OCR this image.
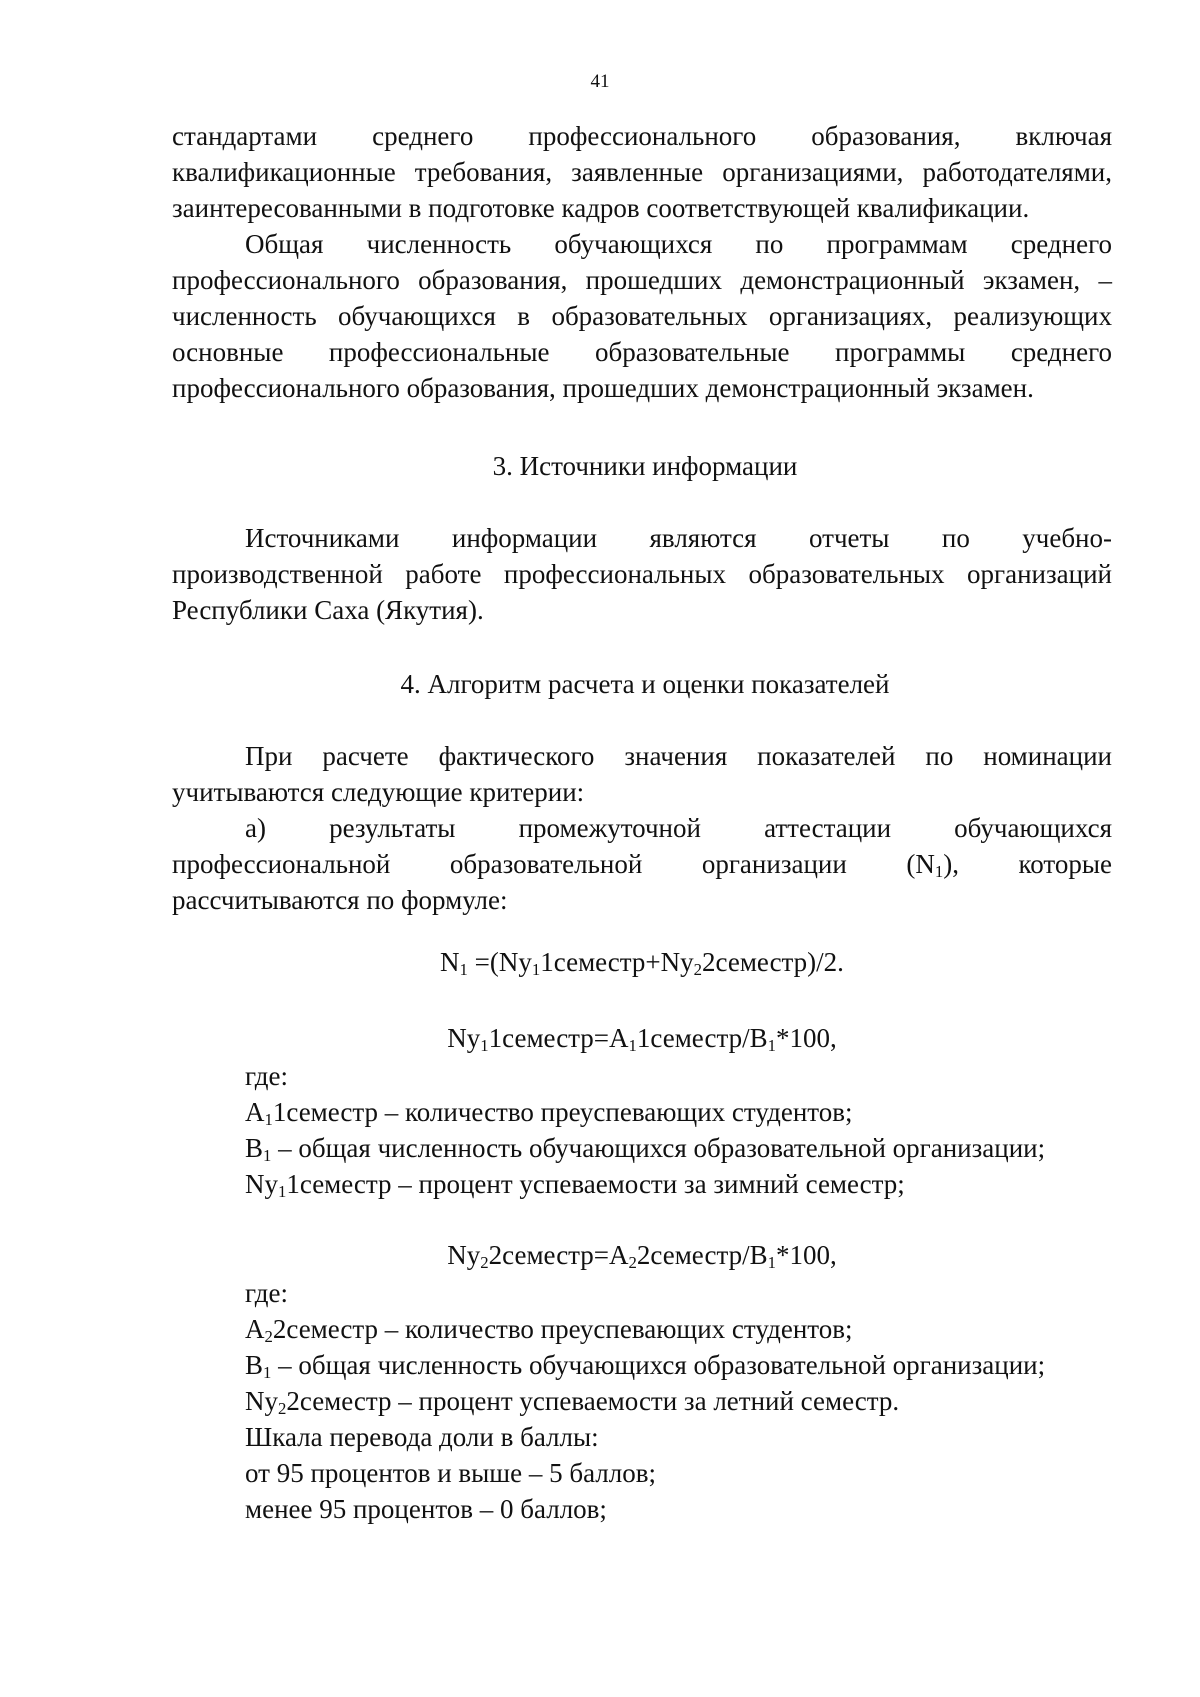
41

стандартами среднего профессионального образования, включая

квалификационные требования, заявленные организациями, работодателями,

заинтересованными в подготовке кадров соответствующей квалификации.

Общая численность обучающихся по программам среднего

профессионального образования, прошедших демонстрационный экзамен, –

численность обучающихся в образовательных организациях, реализующих

основные профессиональные образовательные программы среднего

профессионального образования, прошедших демонстрационный экзамен.

3. Источники информации

Источниками информации являются отчеты по учебно-

производственной работе профессиональных образовательных организаций

Республики Саха (Якутия).

4. Алгоритм расчета и оценки показателей

При расчете фактического значения показателей по номинации

учитываются следующие критерии:

а) результаты промежуточной аттестации обучающихся

профессиональной образовательной организации $(N_1)$, которые

рассчитываются по формуле:

$N_1$ $=(Nу_11семестр+Nу_22семестр)/2$.

$Nу_11семестр=А_11семестр/В_1*100$,

где:

$А_11семестр$ – количество преуспевающих студентов;

$В_1$ – общая численность обучающихся образовательной организации;

$Nу_11семестр$ – процент успеваемости за зимний семестр;

$Nу_22семестр=А_22семестр/В_1*100$,

где:

$А_22семестр$ – количество преуспевающих студентов;

$В_1$ – общая численность обучающихся образовательной организации;

$Nу_22семестр$ – процент успеваемости за летний семестр.

Шкала перевода доли в баллы:

от 95 процентов и выше – 5 баллов;

менее 95 процентов – 0 баллов;
